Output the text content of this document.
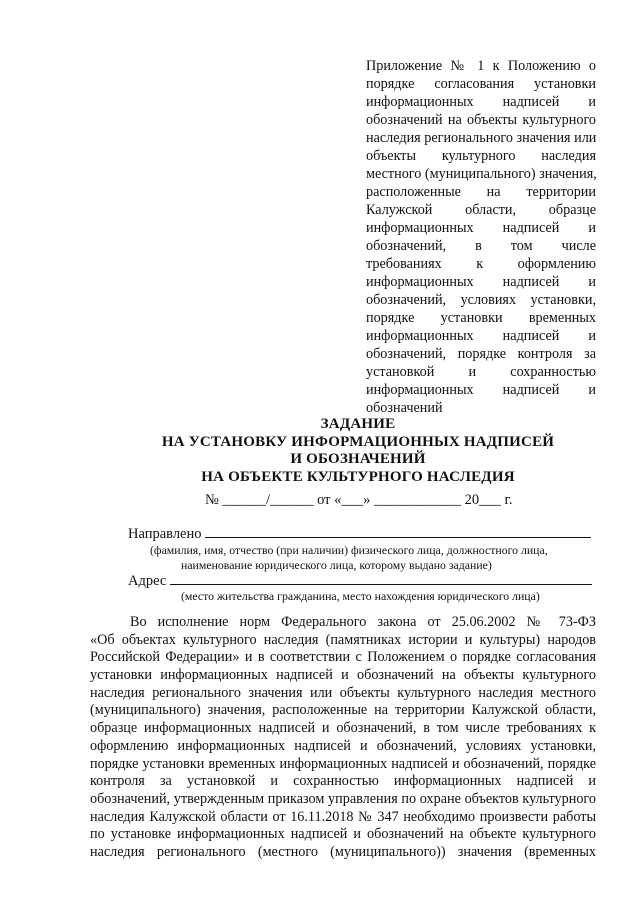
Приложение № 1 к Положению о
порядке согласования установки
информационных надписей и
обозначений на объекты культурного
наследия регионального значения или
объекты культурного наследия
местного (муниципального) значения,
расположенные на территории
Калужской области, образце
информационных надписей и
обозначений, в том числе
требованиях к оформлению
информационных надписей и
обозначений, условиях установки,
порядке установки временных
информационных надписей и
обозначений, порядке контроля за
установкой и сохранностью
информационных надписей и
обозначений
ЗАДАНИЕ
НА УСТАНОВКУ ИНФОРМАЦИОННЫХ НАДПИСЕЙ
И ОБОЗНАЧЕНИЙ
НА ОБЪЕКТЕ КУЛЬТУРНОГО НАСЛЕДИЯ
№ ______/______ от «___» ____________ 20___ г.
Направлено
(фамилия, имя, отчество (при наличии) физического лица, должностного лица,
наименование юридического лица, которому выдано задание)
Адрес
(место жительства гражданина, место нахождения юридического лица)
Во исполнение норм Федерального закона от 25.06.2002 № 73-ФЗ
«Об объектах культурного наследия (памятниках истории и культуры) народов
Российской Федерации» и в соответствии с Положением о порядке согласования
установки информационных надписей и обозначений на объекты культурного
наследия регионального значения или объекты культурного наследия местного
(муниципального) значения, расположенные на территории Калужской области,
образце информационных надписей и обозначений, в том числе требованиях к
оформлению информационных надписей и обозначений, условиях установки,
порядке установки временных информационных надписей и обозначений, порядке
контроля за установкой и сохранностью информационных надписей и
обозначений, утвержденным приказом управления по охране объектов культурного
наследия Калужской области от 16.11.2018 № 347 необходимо произвести работы
по установке информационных надписей и обозначений на объекте культурного
наследия регионального (местного (муниципального)) значения (временных
